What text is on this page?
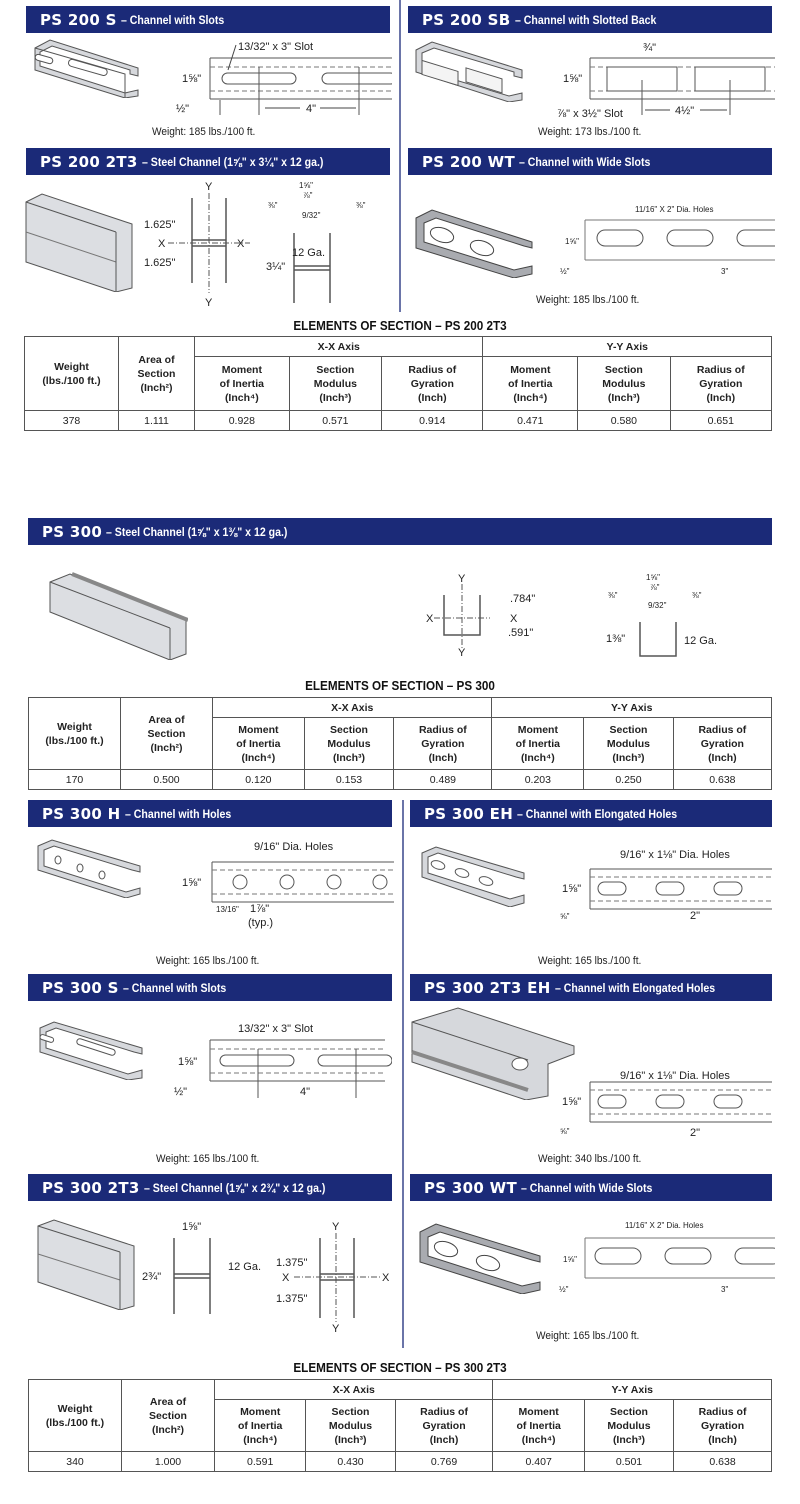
PS 200 S – Channel with Slots
13/32" x 3" Slot
1⅝"
½"	4"
Weight: 185 lbs./100 ft.
PS 200 SB – Channel with Slotted Back
¾"
1⅝"
⅞" x 3½" Slot	4½"
Weight: 173 lbs./100 ft.
PS 200 2T3 – Steel Channel (1⅝" x 3¼" x 12 ga.)
Y
1.625"
X	X
1.625"
Y
1⅝"
⅞"
⅜"	⅜"
9/32"
3¼"
12 Ga.
PS 200 WT – Channel with Wide Slots
11/16" X 2" Dia. Holes
1⅝"
½"	3"
Weight: 185 lbs./100 ft.
ELEMENTS OF SECTION – PS 200 2T3
Weight
(lbs./100 ft.)	Area of
Section
(Inch²)	X-X Axis			Y-Y Axis		
		Moment
of Inertia
(Inch⁴)	Section
Modulus
(Inch³)	Radius of
Gyration
(Inch)	Moment
of Inertia
(Inch⁴)	Section
Modulus
(Inch³)	Radius of
Gyration
(Inch)
378	1.111	0.928	0.571	0.914	0.471	0.580	0.651
PS 300 – Steel Channel (1⅝" x 1⅜" x 12 ga.)
Y
X
.784"
X
.591"
Y
1⅝"
⅞"
⅜"	⅜"
9/32"
1⅜"	12 Ga.
ELEMENTS OF SECTION – PS 300
Weight
(lbs./100 ft.)	Area of
Section
(Inch²)	X-X Axis			Y-Y Axis		
		Moment
of Inertia
(Inch⁴)	Section
Modulus
(Inch³)	Radius of
Gyration
(Inch)	Moment
of Inertia
(Inch⁴)	Section
Modulus
(Inch³)	Radius of
Gyration
(Inch)
170	0.500	0.120	0.153	0.489	0.203	0.250	0.638
PS 300 H – Channel with Holes
9/16" Dia. Holes
1⅝"
13/16" 1⅞"
(typ.)
Weight: 165 lbs./100 ft.
PS 300 EH – Channel with Elongated Holes
9/16" x 1⅛" Dia. Holes
1⅝"
⅝"	2"
Weight: 165 lbs./100 ft.
PS 300 S – Channel with Slots
13/32" x 3" Slot
1⅝"
½"	4"
Weight: 165 lbs./100 ft.
PS 300 2T3 EH – Channel with Elongated Holes
9/16" x 1⅛" Dia. Holes
1⅝"
⅝"	2"
Weight: 340 lbs./100 ft.
PS 300 2T3 – Steel Channel (1⅝" x 2¾" x 12 ga.)
1⅝"
2¾"
12 Ga.
Y
1.375"
X	X
1.375"
Y
PS 300 WT – Channel with Wide Slots
11/16" X 2" Dia. Holes
1⅝"
½"	3"
Weight: 165 lbs./100 ft.
ELEMENTS OF SECTION – PS 300 2T3
Weight
(lbs./100 ft.)	Area of
Section
(Inch²)	X-X Axis			Y-Y Axis		
		Moment
of Inertia
(Inch⁴)	Section
Modulus
(Inch³)	Radius of
Gyration
(Inch)	Moment
of Inertia
(Inch⁴)	Section
Modulus
(Inch³)	Radius of
Gyration
(Inch)
340	1.000	0.591	0.430	0.769	0.407	0.501	0.638
